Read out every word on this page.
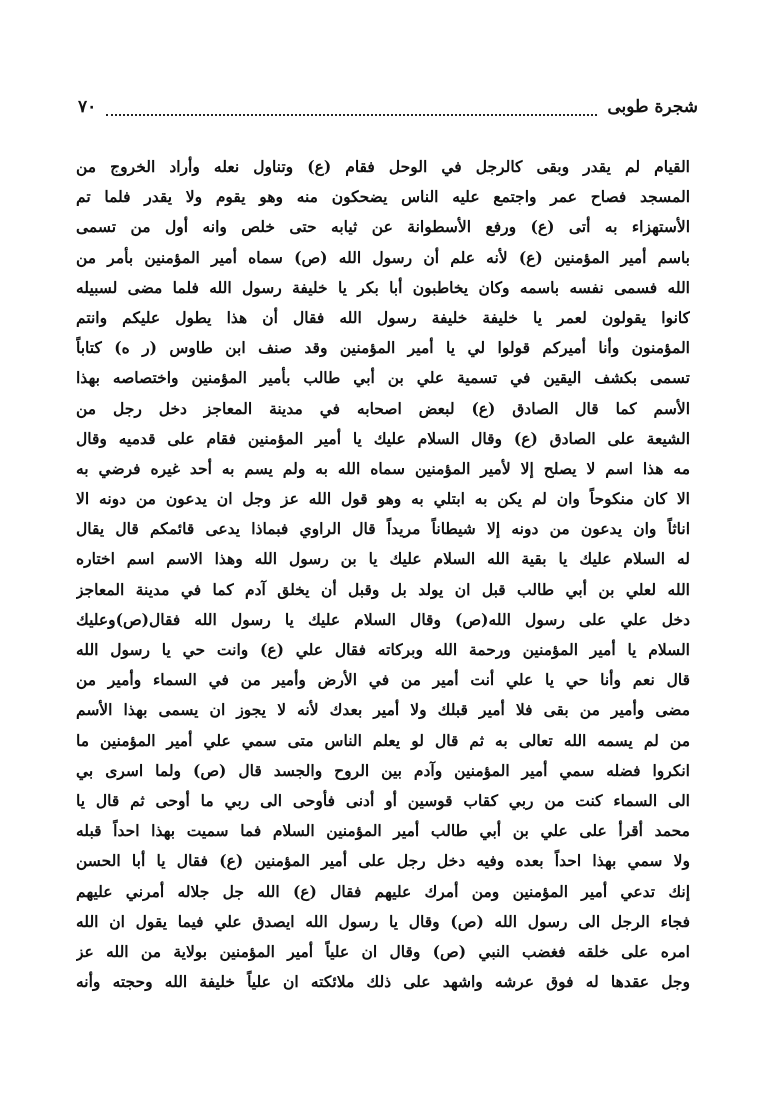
شجرة طوبى
٧٠
القيام لم يقدر وبقى كالرجل في الوحل فقام (ع) وتناول نعله وأراد الخروج من
المسجد فصاح عمر واجتمع عليه الناس يضحكون منه وهو يقوم ولا يقدر فلما تم
الأستهزاء به أتى (ع) ورفع الأسطوانة عن ثيابه حتى خلص وانه أول من تسمى
باسم أمير المؤمنين (ع) لأنه علم أن رسول الله (ص) سماه أمير المؤمنين بأمر من
الله فسمى نفسه باسمه وكان يخاطبون أبا بكر يا خليفة رسول الله فلما مضى لسبيله
كانوا يقولون لعمر يا خليفة خليفة رسول الله فقال أن هذا يطول عليكم وانتم
المؤمنون وأنا أميركم قولوا لي يا أمير المؤمنين وقد صنف ابن طاوس (ر ه) كتاباً
تسمى بكشف اليقين في تسمية علي بن أبي طالب بأمير المؤمنين واختصاصه بهذا
الأسم كما قال الصادق (ع) لبعض اصحابه في مدينة المعاجز دخل رجل من
الشيعة على الصادق (ع) وقال السلام عليك يا أمير المؤمنين فقام على قدميه وقال
مه هذا اسم لا يصلح إلا لأمير المؤمنين سماه الله به ولم يسم به أحد غيره فرضي به
الا كان منكوحاً وان لم يكن به ابتلي به وهو قول الله عز وجل ان يدعون من دونه الا
اناثاً وان يدعون من دونه إلا شيطاناً مريداً قال الراوي فبماذا يدعى قائمكم قال يقال
له السلام عليك يا بقية الله السلام عليك يا بن رسول الله وهذا الاسم اسم اختاره
الله لعلي بن أبي طالب قبل ان يولد بل وقبل أن يخلق آدم كما في مدينة المعاجز
دخل علي على رسول الله(ص) وقال السلام عليك يا رسول الله فقال(ص)وعليك
السلام يا أمير المؤمنين ورحمة الله وبركاته فقال علي (ع) وانت حي يا رسول الله
قال نعم وأنا حي يا علي أنت أمير من في الأرض وأمير من في السماء وأمير من
مضى وأمير من بقى فلا أمير قبلك ولا أمير بعدك لأنه لا يجوز ان يسمى بهذا الأسم
من لم يسمه الله تعالى به ثم قال لو يعلم الناس متى سمي علي أمير المؤمنين ما
انكروا فضله سمي أمير المؤمنين وآدم بين الروح والجسد قال (ص) ولما اسرى بي
الى السماء كنت من ربي كقاب قوسين أو أدنى فأوحى الى ربي ما أوحى ثم قال يا
محمد أقرأ على علي بن أبي طالب أمير المؤمنين السلام فما سميت بهذا احداً قبله
ولا سمي بهذا احداً بعده وفيه دخل رجل على أمير المؤمنين (ع) فقال يا أبا الحسن
إنك تدعي أمير المؤمنين ومن أمرك عليهم فقال (ع) الله جل جلاله أمرني عليهم
فجاء الرجل الى رسول الله (ص) وقال يا رسول الله ايصدق علي فيما يقول ان الله
امره على خلقه فغضب النبي (ص) وقال ان علياً أمير المؤمنين بولاية من الله عز
وجل عقدها له فوق عرشه واشهد على ذلك ملائكته ان علياً خليفة الله وحجته وأنه
